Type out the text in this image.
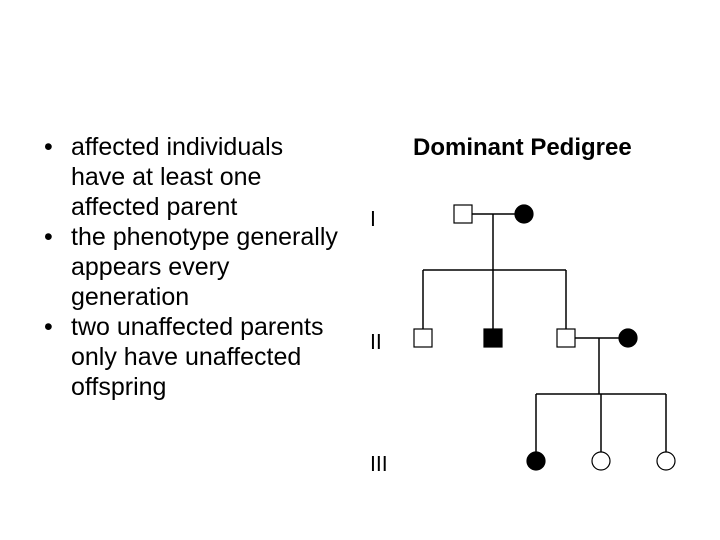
• affected individuals have at least one affected parent
• the phenotype generally appears every generation
• two unaffected parents only have unaffected offspring
Dominant Pedigree
I
II
III
